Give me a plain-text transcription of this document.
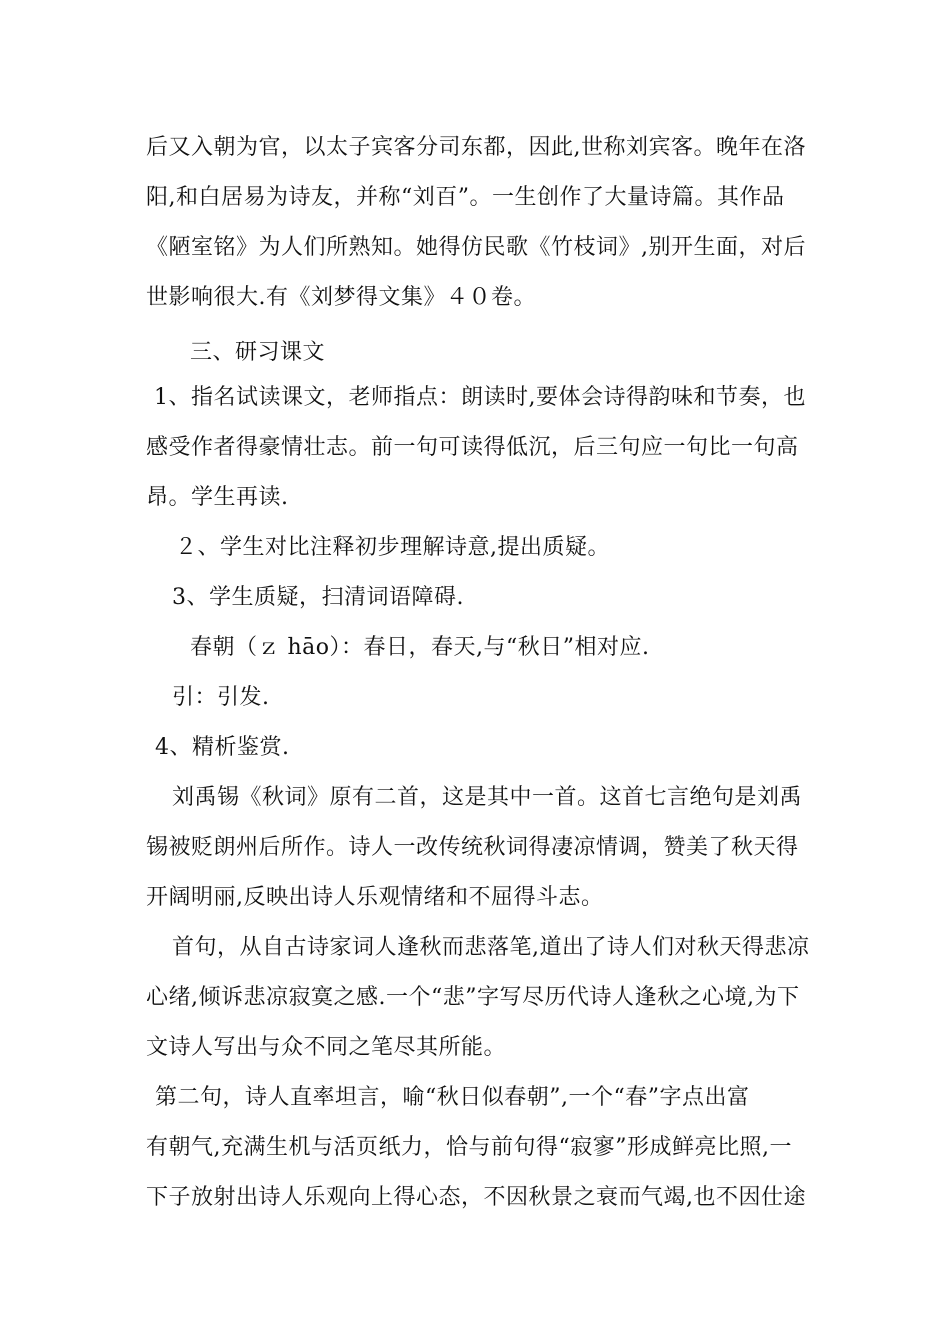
后又入朝为官，以太子宾客分司东都，因此,世称刘宾客。晚年在洛
阳,和白居易为诗友，并称“刘百”。一生创作了大量诗篇。其作品
《陋室铭》为人们所熟知。她得仿民歌《竹枝词》,别开生面，对后
世影响很大.有《刘梦得文集》４０卷。
三、研习课文
1、指名试读课文，老师指点：朗读时,要体会诗得韵味和节奏，也
感受作者得豪情壮志。前一句可读得低沉，后三句应一句比一句高
昂。学生再读.
２、学生对比注释初步理解诗意,提出质疑。
3、学生质疑，扫清词语障碍.
春朝（ｚ hāo）：春日，春天,与“秋日”相对应.
引：引发.
4、精析鉴赏.
刘禹锡《秋词》原有二首，这是其中一首。这首七言绝句是刘禹
锡被贬朗州后所作。诗人一改传统秋词得凄凉情调，赞美了秋天得
开阔明丽,反映出诗人乐观情绪和不屈得斗志。
首句，从自古诗家词人逢秋而悲落笔,道出了诗人们对秋天得悲凉
心绪,倾诉悲凉寂寞之感.一个“悲”字写尽历代诗人逢秋之心境,为下
文诗人写出与众不同之笔尽其所能。
第二句，诗人直率坦言，喻“秋日似春朝”,一个“春”字点出富
有朝气,充满生机与活页纸力，恰与前句得“寂寥”形成鲜亮比照,一
下子放射出诗人乐观向上得心态，不因秋景之衰而气竭,也不因仕途
